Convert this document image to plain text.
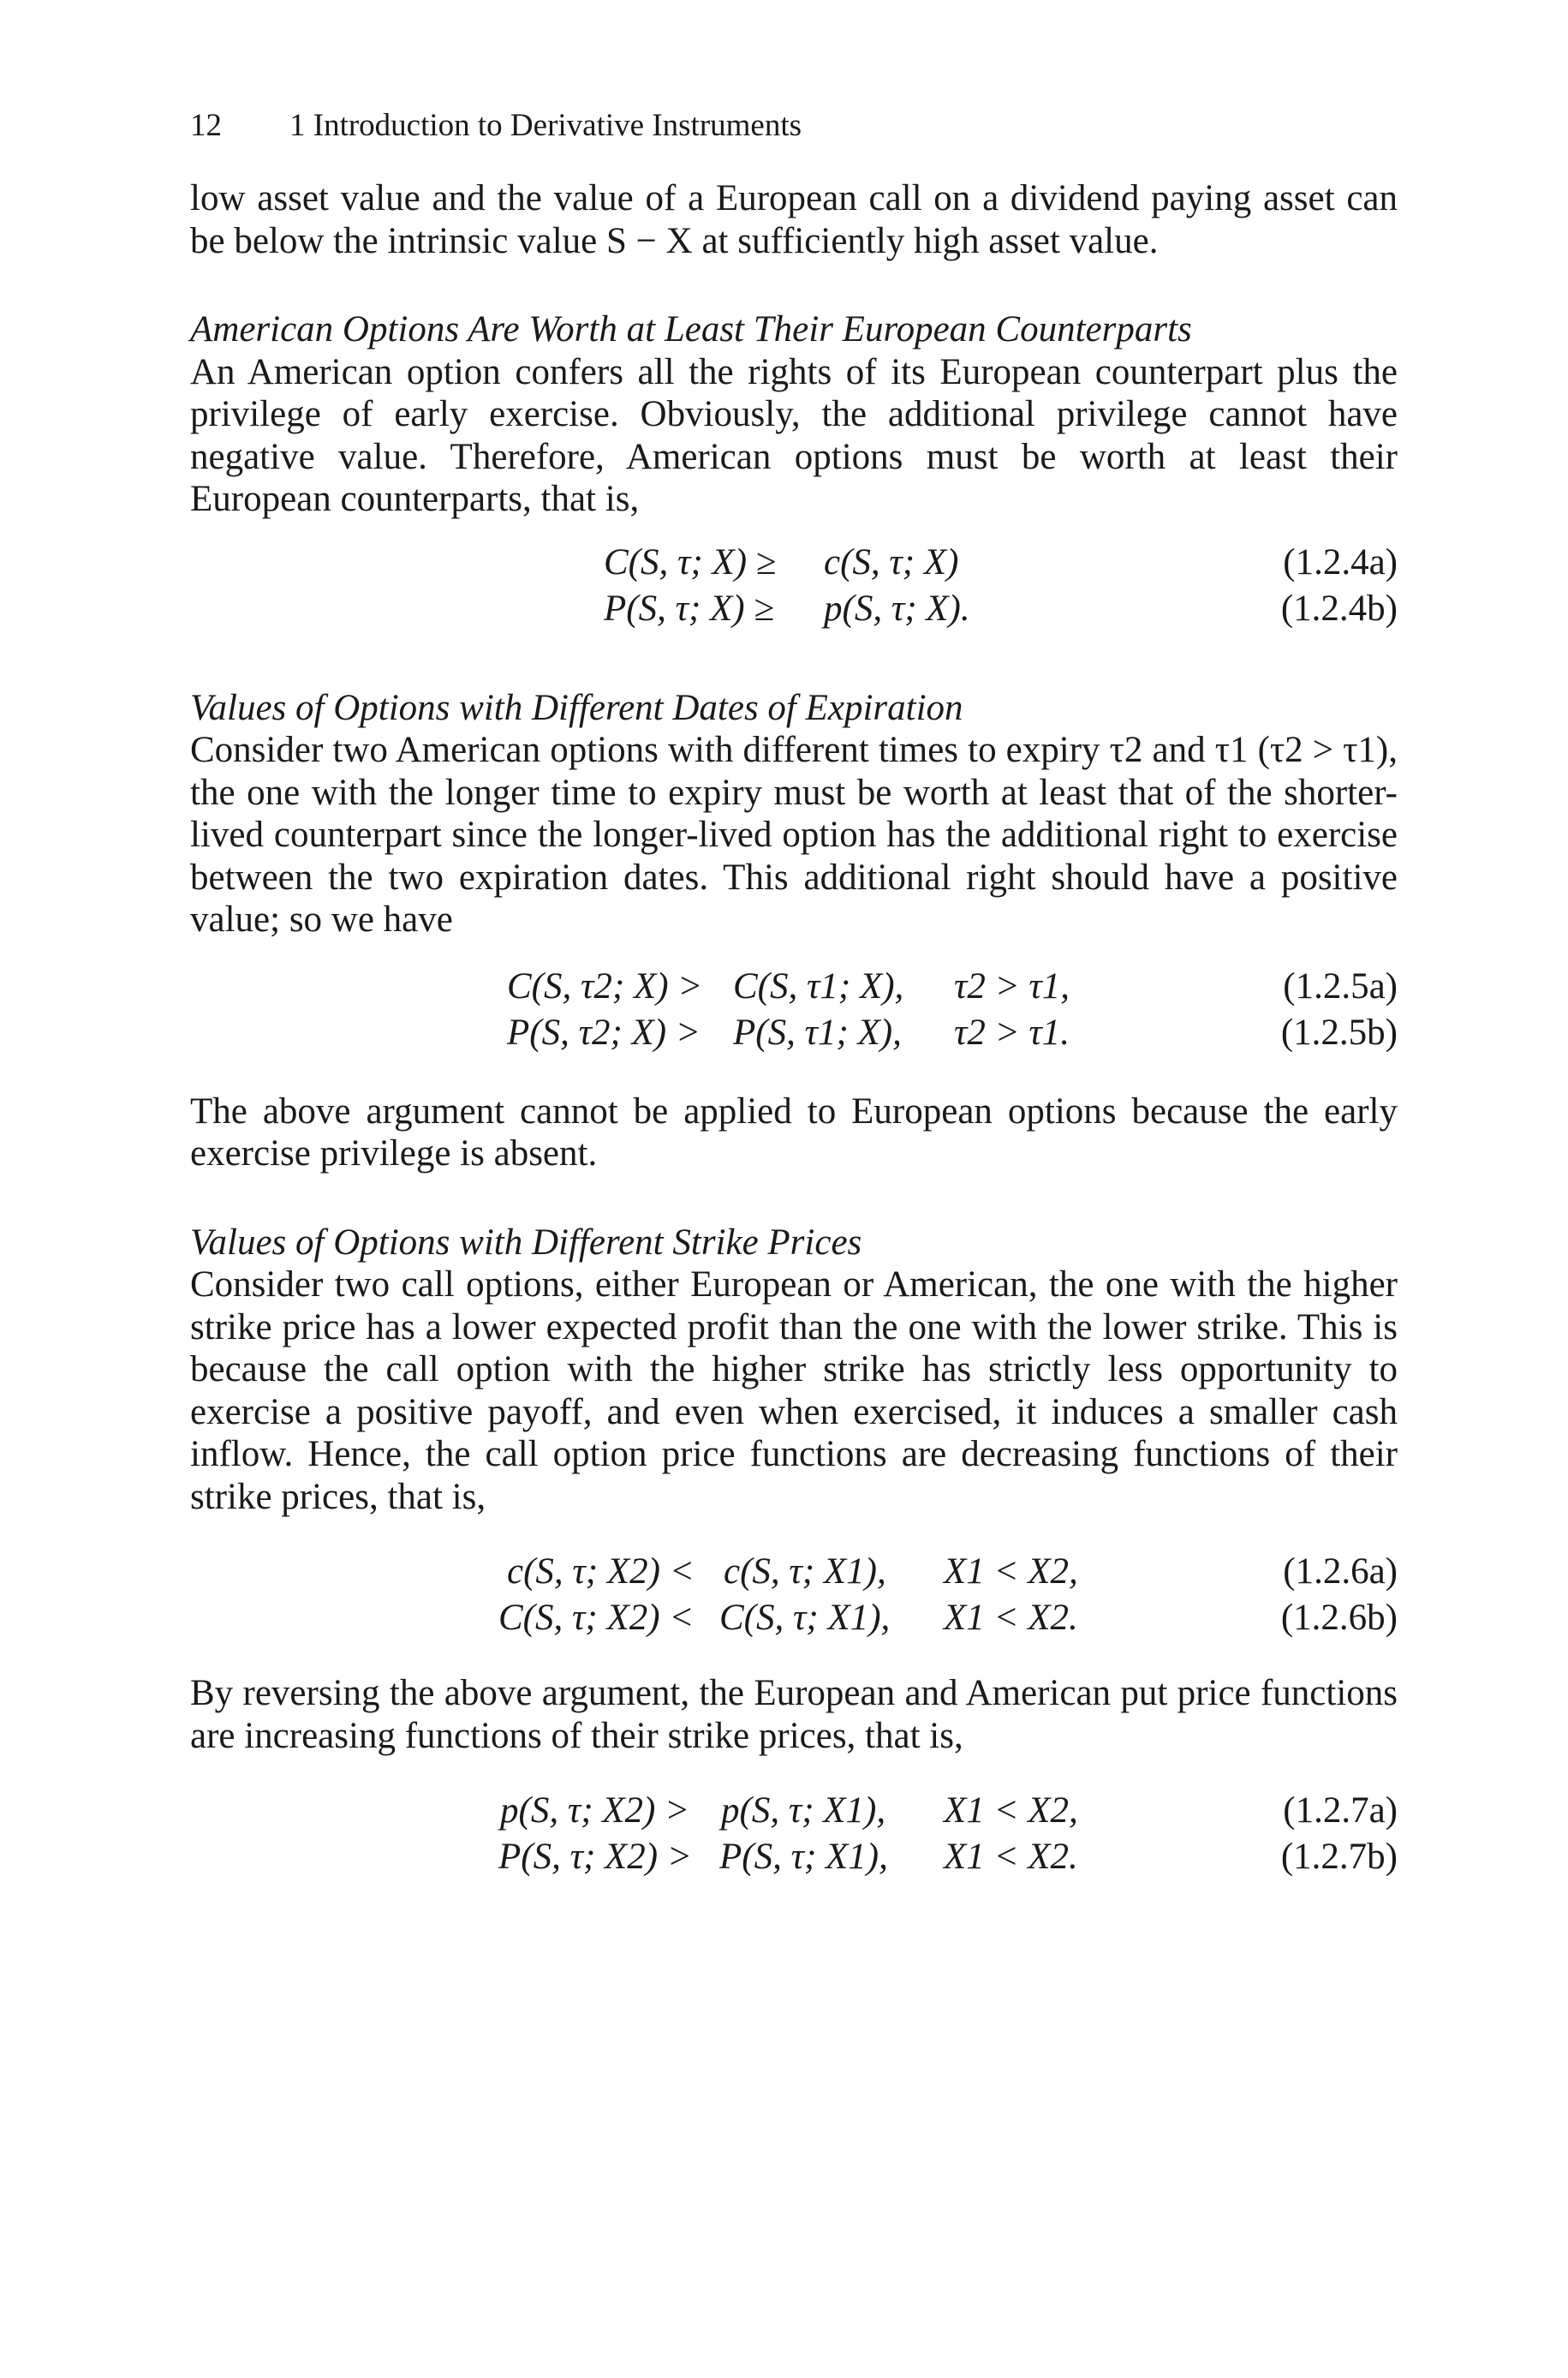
12	1 Introduction to Derivative Instruments

low asset value and the value of a European call on a dividend paying asset can be below the intrinsic value S − X at sufficiently high asset value.

American Options Are Worth at Least Their European Counterparts

An American option confers all the rights of its European counterpart plus the privilege of early exercise. Obviously, the additional privilege cannot have negative value. Therefore, American options must be worth at least their European counterparts, that is,

C(S, τ; X) ≥ c(S, τ; X)	(1.2.4a)
P(S, τ; X) ≥ p(S, τ; X).	(1.2.4b)

Values of Options with Different Dates of Expiration

Consider two American options with different times to expiry τ2 and τ1 (τ2 > τ1), the one with the longer time to expiry must be worth at least that of the shorter-lived counterpart since the longer-lived option has the additional right to exercise between the two expiration dates. This additional right should have a positive value; so we have

C(S, τ2; X) > C(S, τ1; X), τ2 > τ1,	(1.2.5a)
P(S, τ2; X) > P(S, τ1; X), τ2 > τ1.	(1.2.5b)

The above argument cannot be applied to European options because the early exercise privilege is absent.

Values of Options with Different Strike Prices

Consider two call options, either European or American, the one with the higher strike price has a lower expected profit than the one with the lower strike. This is because the call option with the higher strike has strictly less opportunity to exercise a positive payoff, and even when exercised, it induces a smaller cash inflow. Hence, the call option price functions are decreasing functions of their strike prices, that is,

c(S, τ; X2) < c(S, τ; X1), X1 < X2,	(1.2.6a)
C(S, τ; X2) < C(S, τ; X1), X1 < X2.	(1.2.6b)

By reversing the above argument, the European and American put price functions are increasing functions of their strike prices, that is,

p(S, τ; X2) > p(S, τ; X1), X1 < X2,	(1.2.7a)
P(S, τ; X2) > P(S, τ; X1), X1 < X2.	(1.2.7b)
